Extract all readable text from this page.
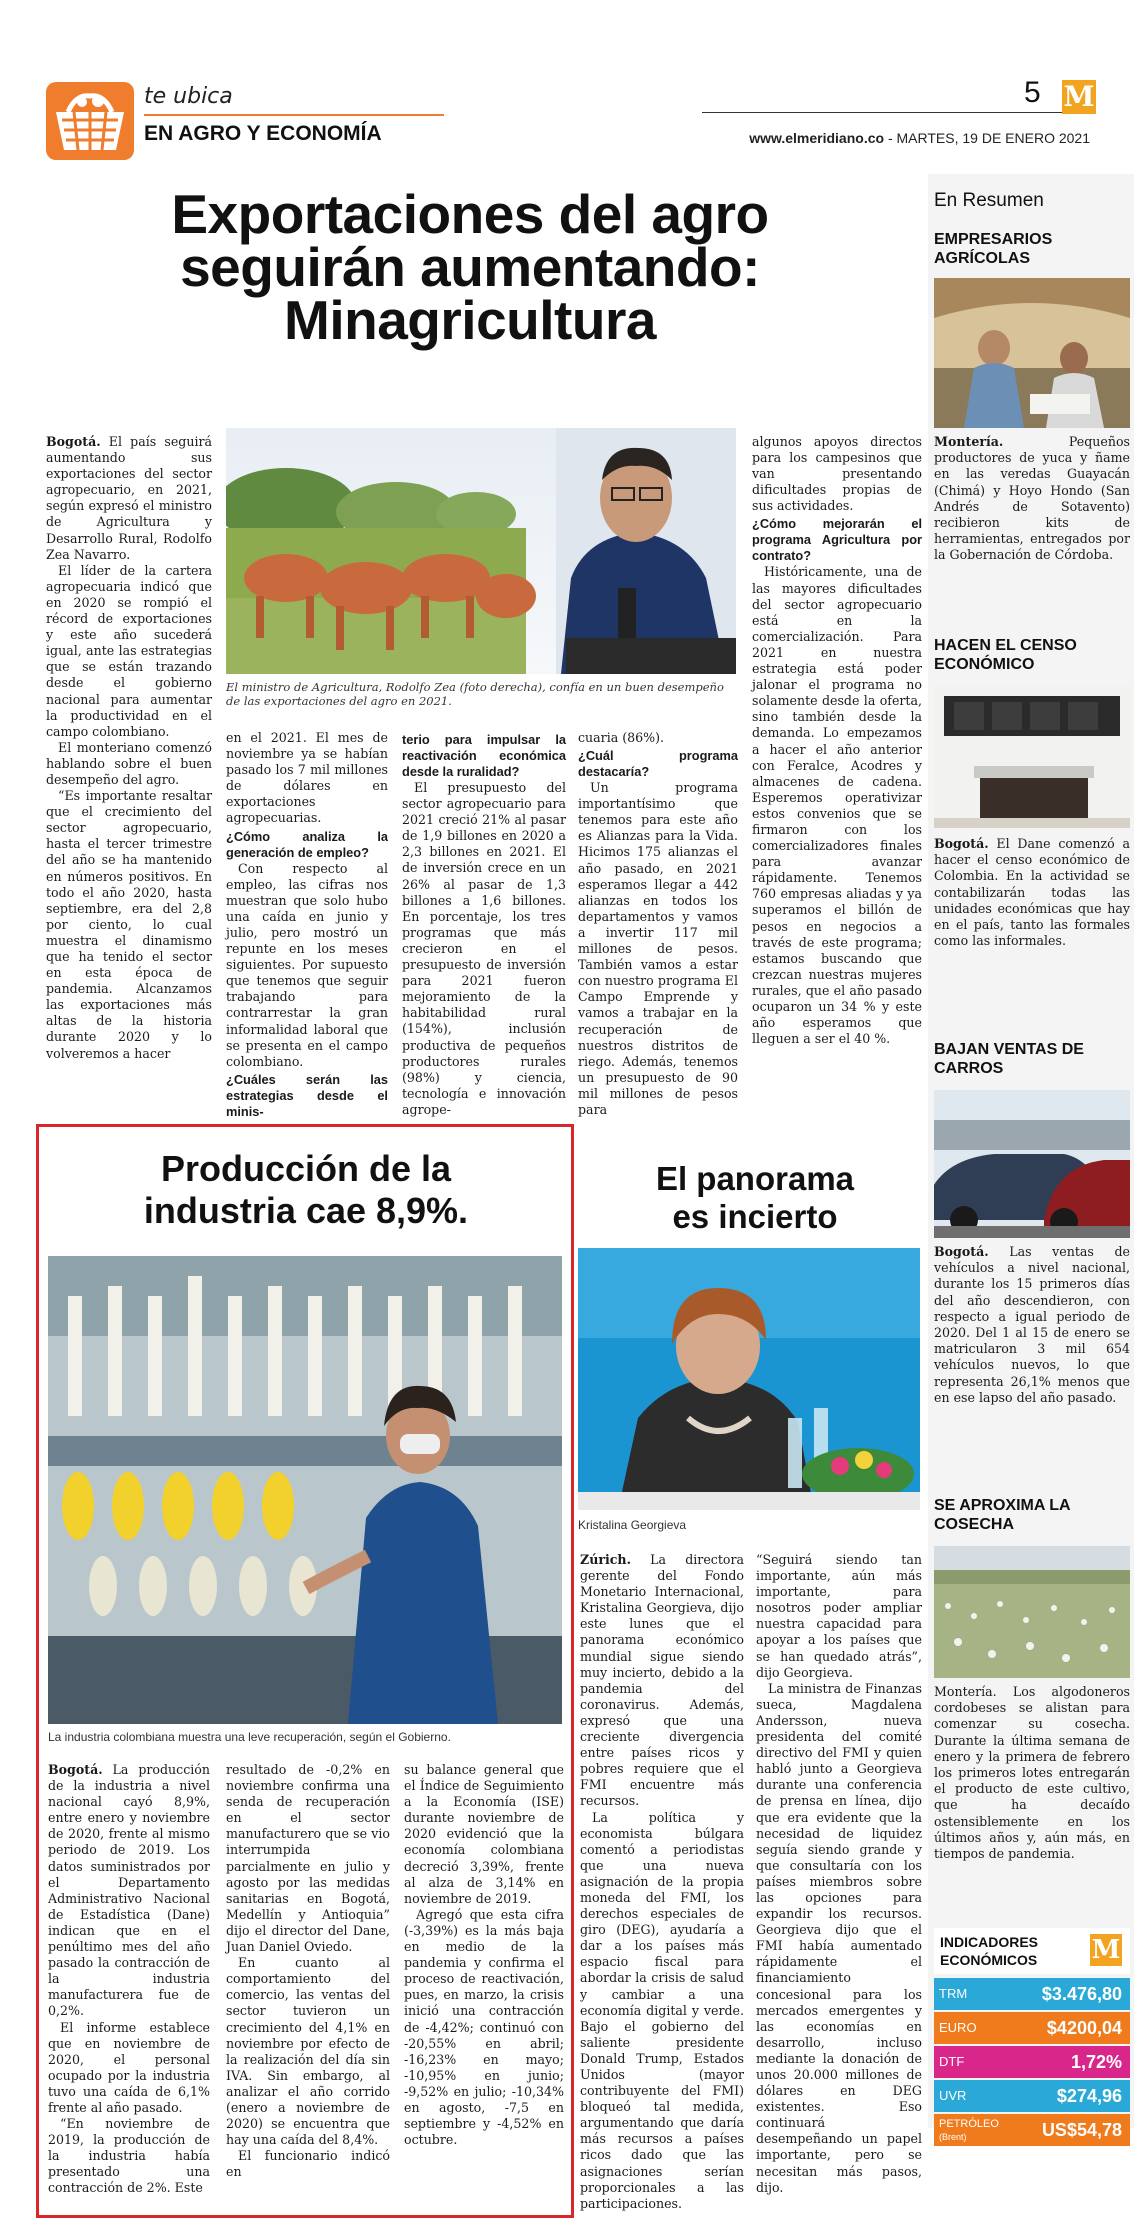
te ubica
EN AGRO Y ECONOMÍA
5 M
www.elmeridiano.co - MARTES, 19 DE ENERO 2021
Exportaciones del agro
seguirán aumentando:
Minagricultura
El ministro de Agricultura, Rodolfo Zea (foto derecha), confía en un buen desempeño de las exportaciones del agro en 2021.

Bogotá. El país seguirá aumentando sus exportaciones del sector agropecuario, en 2021, según expresó el ministro de Agricultura y Desarrollo Rural, Rodolfo Zea Navarro.

El líder de la cartera agropecuaria indicó que en 2020 se rompió el récord de exportaciones y este año sucederá igual, ante las estrategias que se están trazando desde el gobierno nacional para aumentar la productividad en el campo colombiano.

El monteriano comenzó hablando sobre el buen desempeño del agro.

“Es importante resaltar que el crecimiento del sector agropecuario, hasta el tercer trimestre del año se ha mantenido en números positivos. En todo el año 2020, hasta septiembre, era del 2,8 por ciento, lo cual muestra el dinamismo que ha tenido el sector en esta época de pandemia. Alcanzamos las exportaciones más altas de la historia durante 2020 y lo volveremos a hacer

en el 2021. El mes de noviembre ya se habían pasado los 7 mil millones de dólares en exportaciones agropecuarias.

¿Cómo analiza la generación de empleo?

Con respecto al empleo, las cifras nos muestran que solo hubo una caída en junio y julio, pero mostró un repunte en los meses siguientes. Por supuesto que tenemos que seguir trabajando para contrarrestar la gran informalidad laboral que se presenta en el campo colombiano.

¿Cuáles serán las estrategias desde el minis-

terio para impulsar la reactivación económica desde la ruralidad?

El presupuesto del sector agropecuario para 2021 creció 21% al pasar de 1,9 billones en 2020 a 2,3 billones en 2021. El de inversión crece en un 26% al pasar de 1,3 billones a 1,6 billones. En porcentaje, los tres programas que más crecieron en el presupuesto de inversión para 2021 fueron mejoramiento de la habitabilidad rural (154%), inclusión productiva de pequeños productores rurales (98%) y ciencia, tecnología e innovación agrope-

cuaria (86%).

¿Cuál programa destacaría?

Un programa importantísimo que tenemos para este año es Alianzas para la Vida. Hicimos 175 alianzas el año pasado, en 2021 esperamos llegar a 442 alianzas en todos los departamentos y vamos a invertir 117 mil millones de pesos. También vamos a estar con nuestro programa El Campo Emprende y vamos a trabajar en la recuperación de nuestros distritos de riego. Además, tenemos un presupuesto de 90 mil millones de pesos para

algunos apoyos directos para los campesinos que van presentando dificultades propias de sus actividades.

¿Cómo mejorarán el programa Agricultura por contrato?

Históricamente, una de las mayores dificultades del sector agropecuario está en la comercialización. Para 2021 en nuestra estrategia está poder jalonar el programa no solamente desde la oferta, sino también desde la demanda. Lo empezamos a hacer el año anterior con Feralce, Acodres y almacenes de cadena. Esperemos operativizar estos convenios que se firmaron con los comercializadores finales para avanzar rápidamente. Tenemos 760 empresas aliadas y ya superamos el billón de pesos en negocios a través de este programa; estamos buscando que crezcan nuestras mujeres rurales, que el año pasado ocuparon un 34 % y este año esperamos que lleguen a ser el 40 %.

Producción de la
industria cae 8,9%.
La industria colombiana muestra una leve recuperación, según el Gobierno.

Bogotá. La producción de la industria a nivel nacional cayó 8,9%, entre enero y noviembre de 2020, frente al mismo periodo de 2019. Los datos suministrados por el Departamento Administrativo Nacional de Estadística (Dane) indican que en el penúltimo mes del año pasado la contracción de la industria manufacturera fue de 0,2%.

El informe establece que en noviembre de 2020, el personal ocupado por la industria tuvo una caída de 6,1% frente al año pasado.

“En noviembre de 2019, la producción de la industria había presentado una contracción de 2%. Este

resultado de -0,2% en noviembre confirma una senda de recuperación en el sector manufacturero que se vio interrumpida parcialmente en julio y agosto por las medidas sanitarias en Bogotá, Medellín y Antioquia” dijo el director del Dane, Juan Daniel Oviedo.

En cuanto al comportamiento del comercio, las ventas del sector tuvieron un crecimiento del 4,1% en noviembre por efecto de la realización del día sin IVA. Sin embargo, al analizar el año corrido (enero a noviembre de 2020) se encuentra que hay una caída del 8,4%.

El funcionario indicó en

su balance general que el Índice de Seguimiento a la Economía (ISE) durante noviembre de 2020 evidenció que la economía colombiana decreció 3,39%, frente al alza de 3,14% en noviembre de 2019.

Agregó que esta cifra (-3,39%) es la más baja en medio de la pandemia y confirma el proceso de reactivación, pues, en marzo, la crisis inició una contracción de -4,42%; continuó con -20,55% en abril; -16,23% en mayo; -10,95% en junio; -9,52% en julio; -10,34% en agosto, -7,5 en septiembre y -4,52% en octubre.

El panorama
es incierto
Kristalina Georgieva

Zúrich. La directora gerente del Fondo Monetario Internacional, Kristalina Georgieva, dijo este lunes que el panorama económico mundial sigue siendo muy incierto, debido a la pandemia del coronavirus. Además, expresó que una creciente divergencia entre países ricos y pobres requiere que el FMI encuentre más recursos.

La política y economista búlgara comentó a periodistas que una nueva asignación de la propia moneda del FMI, los derechos especiales de giro (DEG), ayudaría a dar a los países más espacio fiscal para abordar la crisis de salud y cambiar a una economía digital y verde. Bajo el gobierno del saliente presidente Donald Trump, Estados Unidos (mayor contribuyente del FMI) bloqueó tal medida, argumentando que daría más recursos a países ricos dado que las asignaciones serían proporcionales a las participaciones.

“Seguirá siendo tan importante, aún más importante, para nosotros poder ampliar nuestra capacidad para apoyar a los países que se han quedado atrás”, dijo Georgieva.

La ministra de Finanzas sueca, Magdalena Andersson, nueva presidenta del comité directivo del FMI y quien habló junto a Georgieva durante una conferencia de prensa en línea, dijo que era evidente que la necesidad de liquidez seguía siendo grande y que consultaría con los países miembros sobre las opciones para expandir los recursos. Georgieva dijo que el FMI había aumentado rápidamente el financiamiento concesional para los mercados emergentes y las economías en desarrollo, incluso mediante la donación de unos 20.000 millones de dólares en DEG existentes. Eso continuará desempeñando un papel importante, pero se necesitan más pasos, dijo.

En Resumen
EMPRESARIOS AGRÍCOLAS
Montería. Pequeños productores de yuca y ñame en las veredas Guayacán (Chimá) y Hoyo Hondo (San Andrés de Sotavento) recibieron kits de herramientas, entregados por la Gobernación de Córdoba.
HACEN EL CENSO ECONÓMICO
Bogotá. El Dane comenzó a hacer el censo económico de Colombia. En la actividad se contabilizarán todas las unidades económicas que hay en el país, tanto las formales como las informales.
BAJAN VENTAS DE CARROS
Bogotá. Las ventas de vehículos a nivel nacional, durante los 15 primeros días del año descendieron, con respecto a igual periodo de 2020. Del 1 al 15 de enero se matricularon 3 mil 654 vehículos nuevos, lo que representa 26,1% menos que en ese lapso del año pasado.
SE APROXIMA LA COSECHA
Montería. Los algodoneros cordobeses se alistan para comenzar su cosecha. Durante la última semana de enero y la primera de febrero los primeros lotes entregarán el producto de este cultivo, que ha decaído ostensiblemente en los últimos años y, aún más, en tiempos de pandemia.
INDICADORES
ECONÓMICOS M
TRM	$3.476,80
EURO	$4200,04
DTF	1,72%
UVR	$274,96
PETRÓLEO
(Brent)	US$54,78
